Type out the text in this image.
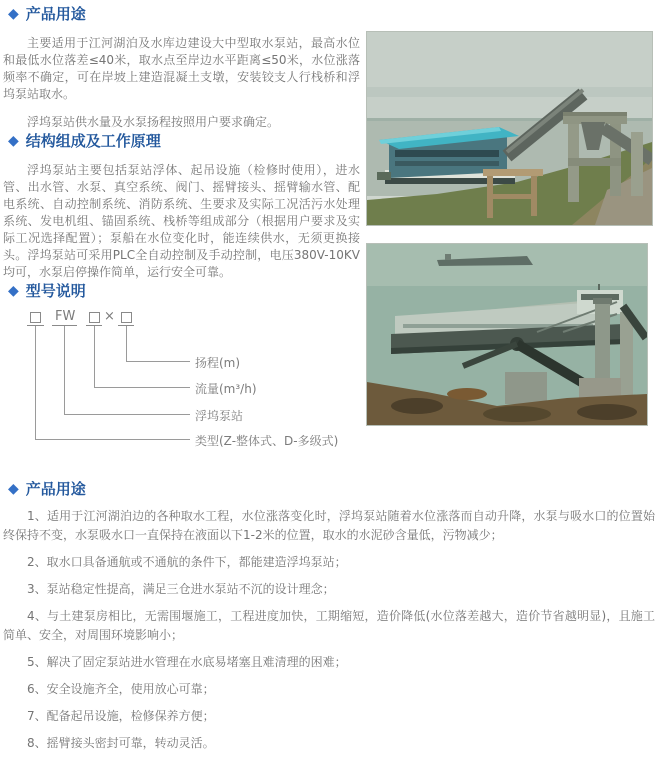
◆ 产品用途

主要适用于江河湖泊及水库边建设大中型取水泵站，最高水位和最低水位落差≤40米，取水点至岸边水平距离≤50米，水位涨落频率不确定，可在岸坡上建造混凝土支墩，安装铰支人行栈桥和浮坞泵站取水。

浮坞泵站供水量及水泵扬程按照用户要求确定。

◆ 结构组成及工作原理

浮坞泵站主要包括泵站浮体、起吊设施（检修时使用），进水管、出水管、水泵、真空系统、阀门、摇臂接头、摇臂输水管、配电系统、自动控制系统、消防系统、生要求及实际工况活污水处理系统、发电机组、锚固系统、栈桥等组成部分（根据用户要求及实际工况选择配置）；泵船在水位变化时，能连续供水，无须更换接头。浮坞泵站可采用PLC全自动控制及手动控制，电压380V-10KV均可，水泵启停操作简单，运行安全可靠。

◆ 型号说明
FW ×
扬程(m)
流量(m³/h)
浮坞泵站
类型(Z-整体式、D-多级式)
◆ 产品用途

1、适用于江河湖泊边的各种取水工程，水位涨落变化时，浮坞泵站随着水位涨落而自动升降，水泵与吸水口的位置始终保持不变，水泵吸水口一直保持在液面以下1-2米的位置，取水的水泥砂含量低，污物减少；

2、取水口具备通航或不通航的条件下，都能建造浮坞泵站；

3、泵站稳定性提高，满足三仓进水泵站不沉的设计理念；

4、与土建泵房相比，无需围堰施工，工程进度加快，工期缩短，造价降低(水位落差越大，造价节省越明显)，且施工简单、安全，对周围环境影响小；

5、解决了固定泵站进水管理在水底易堵塞且难清理的困难；

6、安全设施齐全，使用放心可靠；

7、配备起吊设施，检修保养方便；

8、摇臂接头密封可靠，转动灵活。
